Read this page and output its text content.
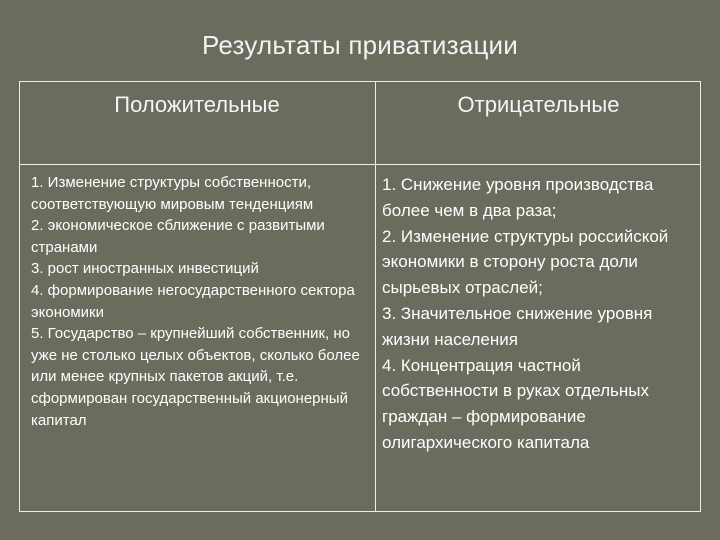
Результаты приватизации
Положительные	Отрицательные

1. Изменение структуры собственности, соответствующую мировым тенденциям

2. экономическое сближение с развитыми странами

3. рост иностранных инвестиций

4. формирование негосударственного сектора экономики

5. Государство – крупнейший собственник, но уже не столько целых объектов, сколько более или менее крупных пакетов акций, т.е. сформирован государственный акционерный капитал

1. Снижение уровня производства более чем в два раза;

2. Изменение структуры российской экономики в сторону роста доли сырьевых отраслей;

3. Значительное снижение уровня жизни населения

4. Концентрация частной собственности в руках отдельных граждан – формирование олигархического капитала
